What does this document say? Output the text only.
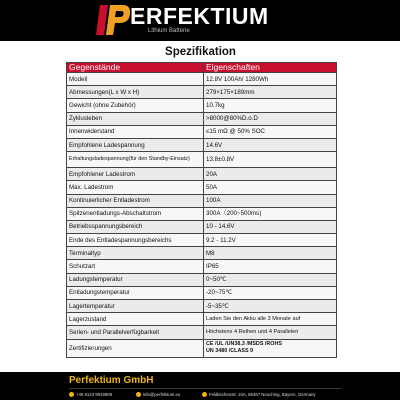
ERFEKTIUM
Lithium Batterie
Spezifikation
Gegenstände	Eigenschaften
Modell	12.8V 100Ah/ 1280Wh
Abmessungen(L x W x H)	279×175×189mm
Gewicht (ohne Zubehör)	10.7kg
Zyklusleben	>8000@80%D.o.D
Innenwiderstand	≤15 mΩ @ 50% SOC
Empfohlene Ladespannung	14.6V
Erhaltungsladespannung(für den Standby-Einsatz)	13.8±0.8V
Empfohlener Ladestrom	20A
Max. Ladestrom	50A
Kontinuierlicher Entladestrom	100A
Spitzenentladungs-Abschaltstrom	300A（200~500ms)
Betriebsspannungsbereich	10 - 14.6V
Ende des Entladespannungsbereichs	9.2 - 11.2V
Terminaltyp	M8
Schutzart	IP65
Ladungstemperatur	0~50℃
Entladungstemperatur	-20~75℃
Lagertemperatur	-5~35℃
Lagerzustand	Laden Sie den Akku alle 3 Monate auf
Serien- und Parallelverfügbarkeit	Höchstens 4 Reihen und 4 Parallelen
Zertifizierungen	CE /UL /UN38.3 /MSDS /ROHS
UN 3480 /CLASS 9
Perfektium GmbH
+49 8123 9919909	info@perfektium.eu	Feldkirchenstr. 10A, 85467 Neuching, Bayern, Germany
